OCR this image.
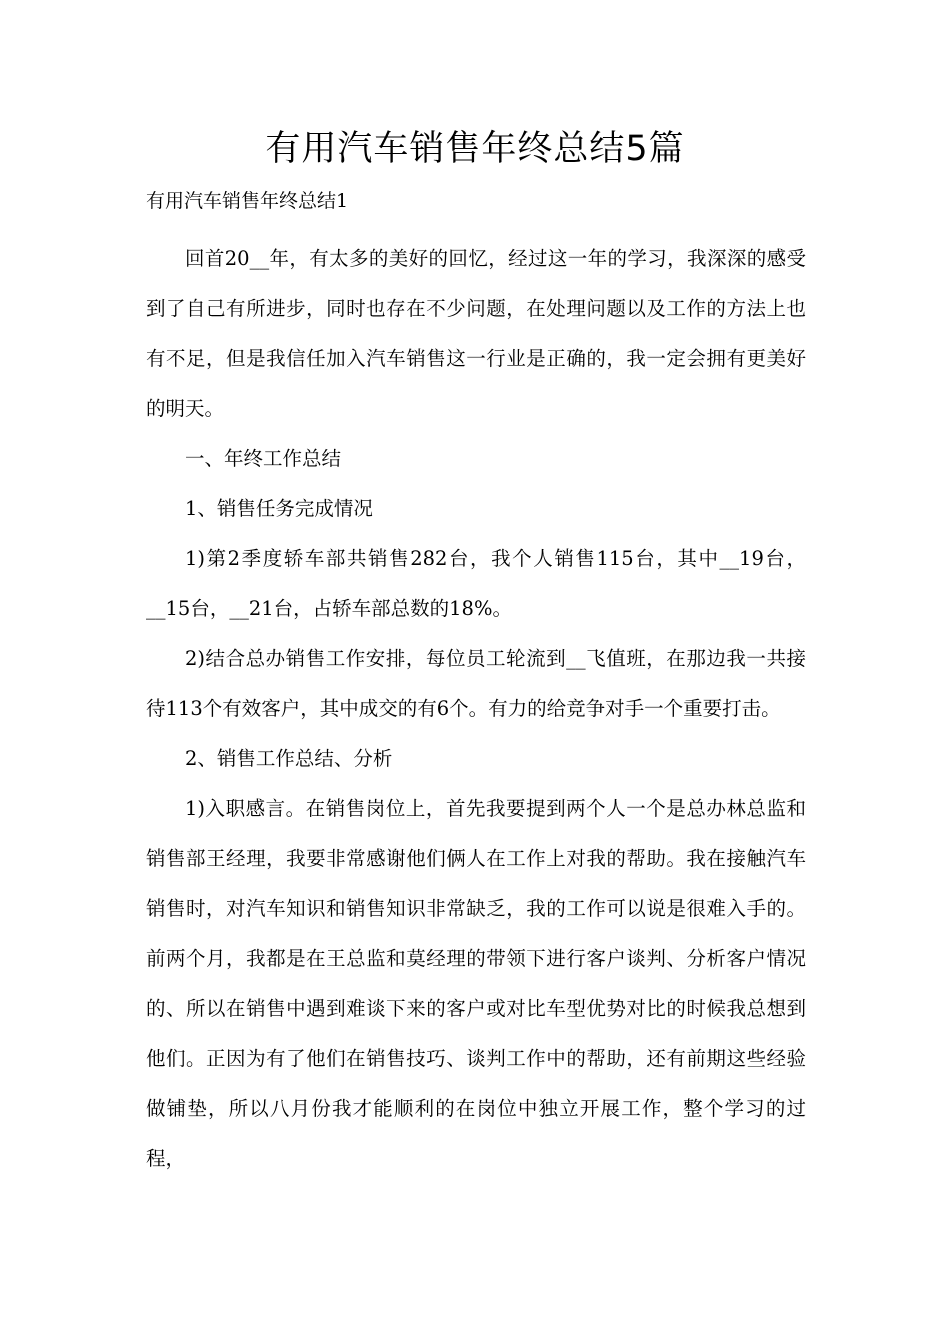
有用汽车销售年终总结5篇

有用汽车销售年终总结1

回首20__年，有太多的美好的回忆，经过这一年的学习，我深深的感受到了自己有所进步，同时也存在不少问题，在处理问题以及工作的方法上也有不足，但是我信任加入汽车销售这一行业是正确的，我一定会拥有更美好的明天。

一、年终工作总结

1、销售任务完成情况

1)第2季度轿车部共销售282台，我个人销售115台，其中__19台，__15台，__21台，占轿车部总数的18%。

2)结合总办销售工作安排，每位员工轮流到__飞值班，在那边我一共接待113个有效客户，其中成交的有6个。有力的给竞争对手一个重要打击。

2、销售工作总结、分析

1)入职感言。在销售岗位上，首先我要提到两个人一个是总办林总监和销售部王经理，我要非常感谢他们俩人在工作上对我的帮助。我在接触汽车销售时，对汽车知识和销售知识非常缺乏，我的工作可以说是很难入手的。前两个月，我都是在王总监和莫经理的带领下进行客户谈判、分析客户情况的、所以在销售中遇到难谈下来的客户或对比车型优势对比的时候我总想到他们。正因为有了他们在销售技巧、谈判工作中的帮助，还有前期这些经验做铺垫，所以八月份我才能顺利的在岗位中独立开展工作，整个学习的过程，
